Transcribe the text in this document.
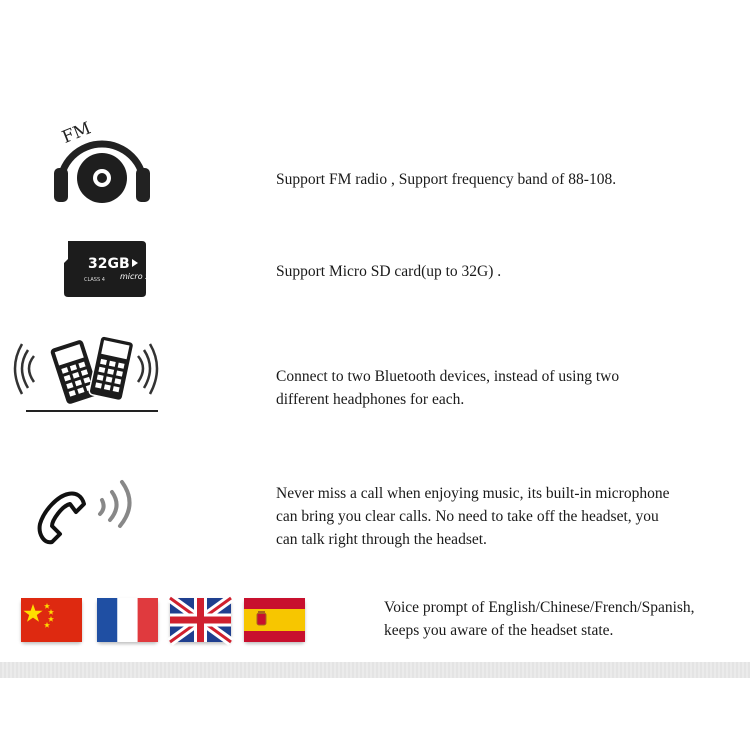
FM
Support FM radio , Support frequency band of 88-108.
32GB
CLASS 4 micro SD HC	Support Micro SD card(up to 32G) .
Connect to two Bluetooth devices, instead of using two
different headphones for each.
Never miss a call when enjoying music, its built-in microphone
can bring you clear calls. No need to take off the headset, you
can talk right through the headset.
Voice prompt of English/Chinese/French/Spanish,
keeps you aware of the headset state.
